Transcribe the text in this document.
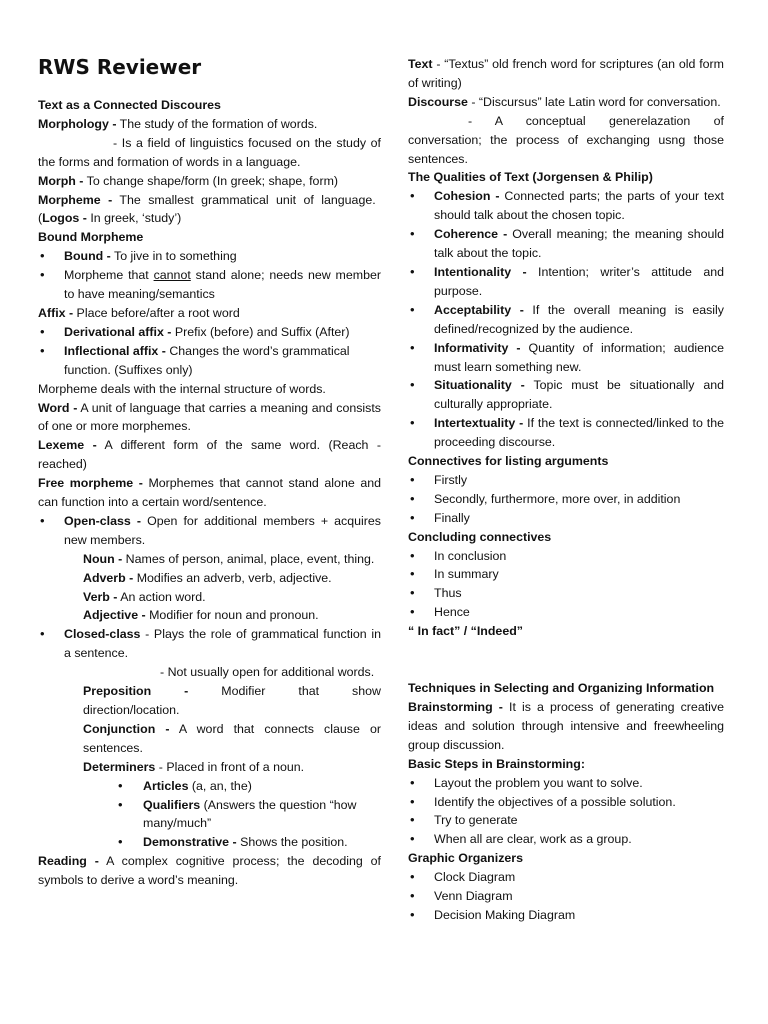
RWS Reviewer

Text as a Connected Discoures

Morphology - The study of the formation of words.

- Is a field of linguistics focused on the study of the forms and formation of words in a language.

Morph - To change shape/form (In greek; shape, form)

Morpheme - The smallest grammatical unit of language.

(Logos - In greek, ‘study’)

Bound Morpheme

• Bound - To jive in to something
• Morpheme that cannot stand alone; needs new member to have meaning/semantics

Affix - Place before/after a root word

• Derivational affix - Prefix (before) and Suffix (After)
• Inflectional affix - Changes the word’s grammatical function. (Suffixes only)

Morpheme deals with the internal structure of words.

Word - A unit of language that carries a meaning and consists of one or more morphemes.

Lexeme - A different form of the same word. (Reach - reached)

Free morpheme - Morphemes that cannot stand alone and can function into a certain word/sentence.

• Open-class - Open for additional members + acquires new members.

Noun - Names of person, animal, place, event, thing.

Adverb - Modifies an adverb, verb, adjective.

Verb - An action word.

Adjective - Modifier for noun and pronoun.

• Closed-class - Plays the role of grammatical function in a sentence.

- Not usually open for additional words.

Preposition - Modifier that show direction/location.

Conjunction - A word that connects clause or sentences.

Determiners - Placed in front of a noun.

• Articles (a, an, the)
• Qualifiers (Answers the question “how many/much”
• Demonstrative - Shows the position.

Reading - A complex cognitive process; the decoding of symbols to derive a word’s meaning.

Text - “Textus” old french word for scriptures (an old form of writing)

Discourse - “Discursus” late Latin word for conversation.

- A conceptual generelazation of conversation; the process of exchanging usng those sentences.

The Qualities of Text (Jorgensen & Philip)

• Cohesion - Connected parts; the parts of your text should talk about the chosen topic.
• Coherence - Overall meaning; the meaning should talk about the topic.
• Intentionality - Intention; writer’s attitude and purpose.
• Acceptability - If the overall meaning is easily defined/recognized by the audience.
• Informativity - Quantity of information; audience must learn something new.
• Situationality - Topic must be situationally and culturally appropriate.
• Intertextuality - If the text is connected/linked to the proceeding discourse.

Connectives for listing arguments

• Firstly
• Secondly, furthermore, more over, in addition
• Finally

Concluding connectives

• In conclusion
• In summary
• Thus
• Hence

“ In fact” / “Indeed”

Techniques in Selecting and Organizing Information

Brainstorming - It is a process of generating creative ideas and solution through intensive and freewheeling group discussion.

Basic Steps in Brainstorming:

• Layout the problem you want to solve.
• Identify the objectives of a possible solution.
• Try to generate
• When all are clear, work as a group.

Graphic Organizers

• Clock Diagram
• Venn Diagram
• Decision Making Diagram
